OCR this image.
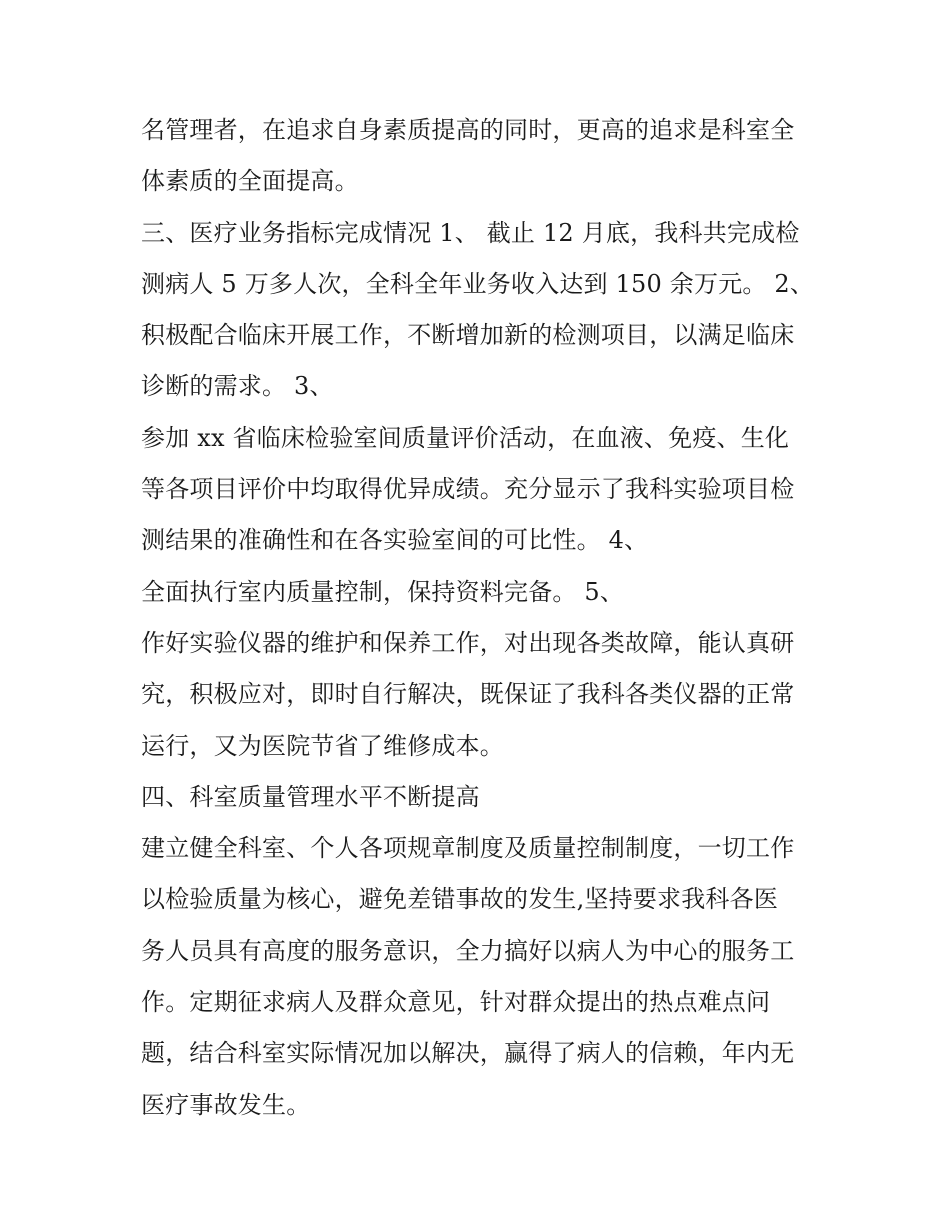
名管理者，在追求自身素质提高的同时，更高的追求是科室全
体素质的全面提高。
三、医疗业务指标完成情况 1、 截止 12 月底，我科共完成检
测病人 5 万多人次，全科全年业务收入达到 150 余万元。 2、
积极配合临床开展工作，不断增加新的检测项目，以满足临床
诊断的需求。 3、
参加 xx 省临床检验室间质量评价活动，在血液、免疫、生化
等各项目评价中均取得优异成绩。充分显示了我科实验项目检
测结果的准确性和在各实验室间的可比性。 4、
全面执行室内质量控制，保持资料完备。 5、
作好实验仪器的维护和保养工作，对出现各类故障，能认真研
究，积极应对，即时自行解决，既保证了我科各类仪器的正常
运行，又为医院节省了维修成本。
四、科室质量管理水平不断提高
建立健全科室、个人各项规章制度及质量控制制度，一切工作
以检验质量为核心，避免差错事故的发生,坚持要求我科各医
务人员具有高度的服务意识，全力搞好以病人为中心的服务工
作。定期征求病人及群众意见，针对群众提出的热点难点问
题，结合科室实际情况加以解决，赢得了病人的信赖，年内无
医疗事故发生。
